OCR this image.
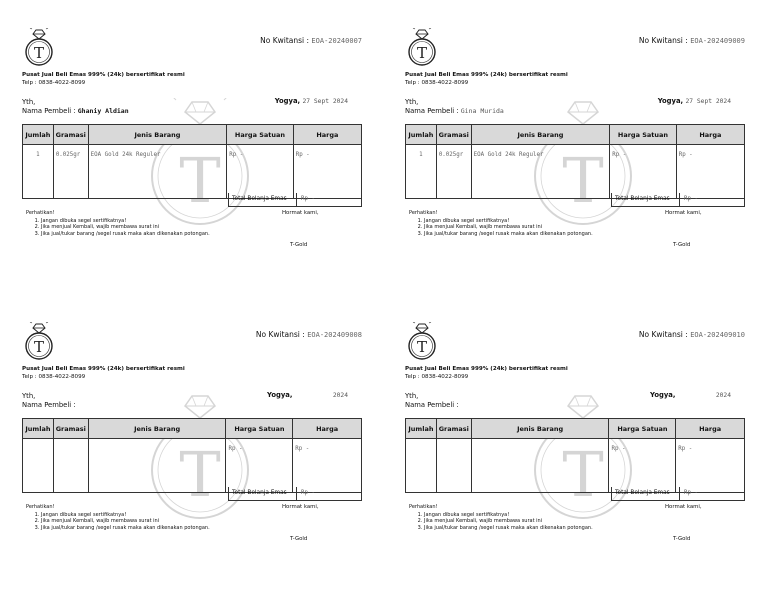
T
T
No Kwitansi : EOA-20240007
Pusat Jual Beli Emas 999% (24k) bersertifikat resmi
Telp : 0838-4022-8099
Yth,
Nama Pembeli : Ghaniy Aldian
Yogya, 27 Sept 2024
Jumlah	Gramasi	Jenis Barang	Harga Satuan	Harga
1	0.025gr	EOA Gold 24k Reguler	Rp -	Rp -
Total Belanja Emas Rp -
Perhatikan!
1. Jangan dibuka segel sertifikatnya!
2. Jika menjual Kembali, wajib membawa surat ini
3. Jika jual/tukar barang /segel rusak maka akan dikenakan potongan.
Hormat kami,
T-Gold
T
T
No Kwitansi : EOA-202409009
Pusat Jual Beli Emas 999% (24k) bersertifikat resmi
Telp : 0838-4022-8099
Yth,
Nama Pembeli : Gina Murida
Yogya, 27 Sept 2024
Jumlah	Gramasi	Jenis Barang	Harga Satuan	Harga
1	0.025gr	EOA Gold 24k Reguler	Rp -	Rp -
Total Belanja Emas Rp -
Perhatikan!
1. Jangan dibuka segel sertifikatnya!
2. Jika menjual Kembali, wajib membawa surat ini
3. Jika jual/tukar barang /segel rusak maka akan dikenakan potongan.
Hormat kami,
T-Gold
T
T
No Kwitansi : EOA-202409008
Pusat Jual Beli Emas 999% (24k) bersertifikat resmi
Telp : 0838-4022-8099
Yth,
Nama Pembeli :
Yogya,	2024
Jumlah	Gramasi	Jenis Barang	Harga Satuan	Harga
			Rp -	Rp -
Total Belanja Emas Rp -
Perhatikan!
1. Jangan dibuka segel sertifikatnya!
2. Jika menjual Kembali, wajib membawa surat ini
3. Jika jual/tukar barang /segel rusak maka akan dikenakan potongan.
Hormat kami,
T-Gold
T
T
No Kwitansi : EOA-202409010
Pusat Jual Beli Emas 999% (24k) bersertifikat resmi
Telp : 0838-4022-8099
Yth,
Nama Pembeli :
Yogya,	2024
Jumlah	Gramasi	Jenis Barang	Harga Satuan	Harga
			Rp -	Rp -
Total Belanja Emas Rp -
Perhatikan!
1. Jangan dibuka segel sertifikatnya!
2. Jika menjual Kembali, wajib membawa surat ini
3. Jika jual/tukar barang /segel rusak maka akan dikenakan potongan.
Hormat kami,
T-Gold
